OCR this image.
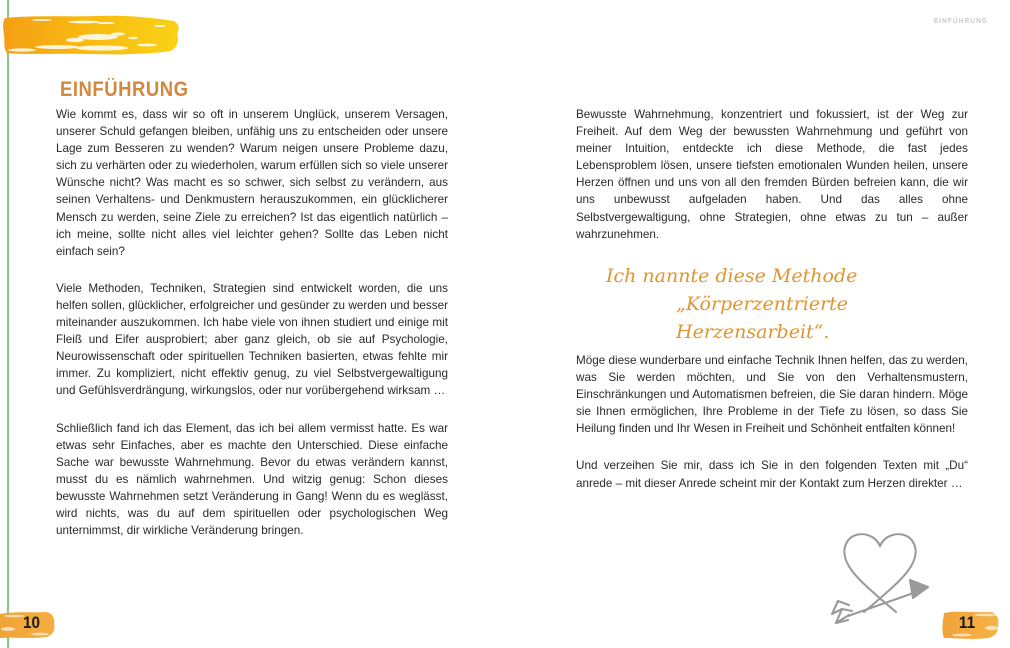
EINFÜHRUNG
EINFÜHRUNG

Wie kommt es, dass wir so oft in unserem Unglück, unserem Versagen, unserer Schuld gefangen bleiben, unfähig uns zu entscheiden oder unsere Lage zum Besseren zu wenden? Warum neigen unsere Probleme dazu, sich zu verhärten oder zu wiederholen, warum erfüllen sich so viele unserer Wünsche nicht? Was macht es so schwer, sich selbst zu verändern, aus seinen Verhaltens- und Denkmustern herauszukommen, ein glücklicherer Mensch zu werden, seine Ziele zu erreichen? Ist das eigentlich natürlich – ich meine, sollte nicht alles viel leichter gehen? Sollte das Leben nicht einfach sein?

Viele Methoden, Techniken, Strategien sind entwickelt worden, die uns helfen sollen, glücklicher, erfolgreicher und gesünder zu werden und besser miteinander auszukommen. Ich habe viele von ihnen studiert und einige mit Fleiß und Eifer ausprobiert; aber ganz gleich, ob sie auf Psychologie, Neurowissenschaft oder spirituellen Techniken basierten, etwas fehlte mir immer. Zu kompliziert, nicht effektiv genug, zu viel Selbstvergewaltigung und Gefühlsverdrängung, wirkungslos, oder nur vorübergehend wirksam …

Schließlich fand ich das Element, das ich bei allem vermisst hatte. Es war etwas sehr Einfaches, aber es machte den Unterschied. Diese einfache Sache war bewusste Wahrnehmung. Bevor du etwas verändern kannst, musst du es nämlich wahrnehmen. Und witzig genug: Schon dieses bewusste Wahrnehmen setzt Veränderung in Gang! Wenn du es weglässt, wird nichts, was du auf dem spirituellen oder psychologischen Weg unternimmst, dir wirkliche Veränderung bringen.

Bewusste Wahrnehmung, konzentriert und fokussiert, ist der Weg zur Freiheit. Auf dem Weg der bewussten Wahrnehmung und geführt von meiner Intuition, entdeckte ich diese Methode, die fast jedes Lebensproblem lösen, unsere tiefsten emotionalen Wunden heilen, unsere Herzen öffnen und uns von all den fremden Bürden befreien kann, die wir uns unbewusst aufgeladen haben. Und das alles ohne Selbstvergewaltigung, ohne Strategien, ohne etwas zu tun – außer wahrzunehmen.

Ich nannte diese Methode
„Körperzentrierte Herzensarbeit“.

Möge diese wunderbare und einfache Technik Ihnen helfen, das zu werden, was Sie werden möchten, und Sie von den Verhaltensmustern, Einschränkungen und Automatismen befreien, die Sie daran hindern. Möge sie Ihnen ermöglichen, Ihre Probleme in der Tiefe zu lösen, so dass Sie Heilung finden und Ihr Wesen in Freiheit und Schönheit entfalten können!

Und verzeihen Sie mir, dass ich Sie in den folgenden Texten mit „Du“ anrede – mit dieser Anrede scheint mir der Kontakt zum Herzen direkter …

10	11
